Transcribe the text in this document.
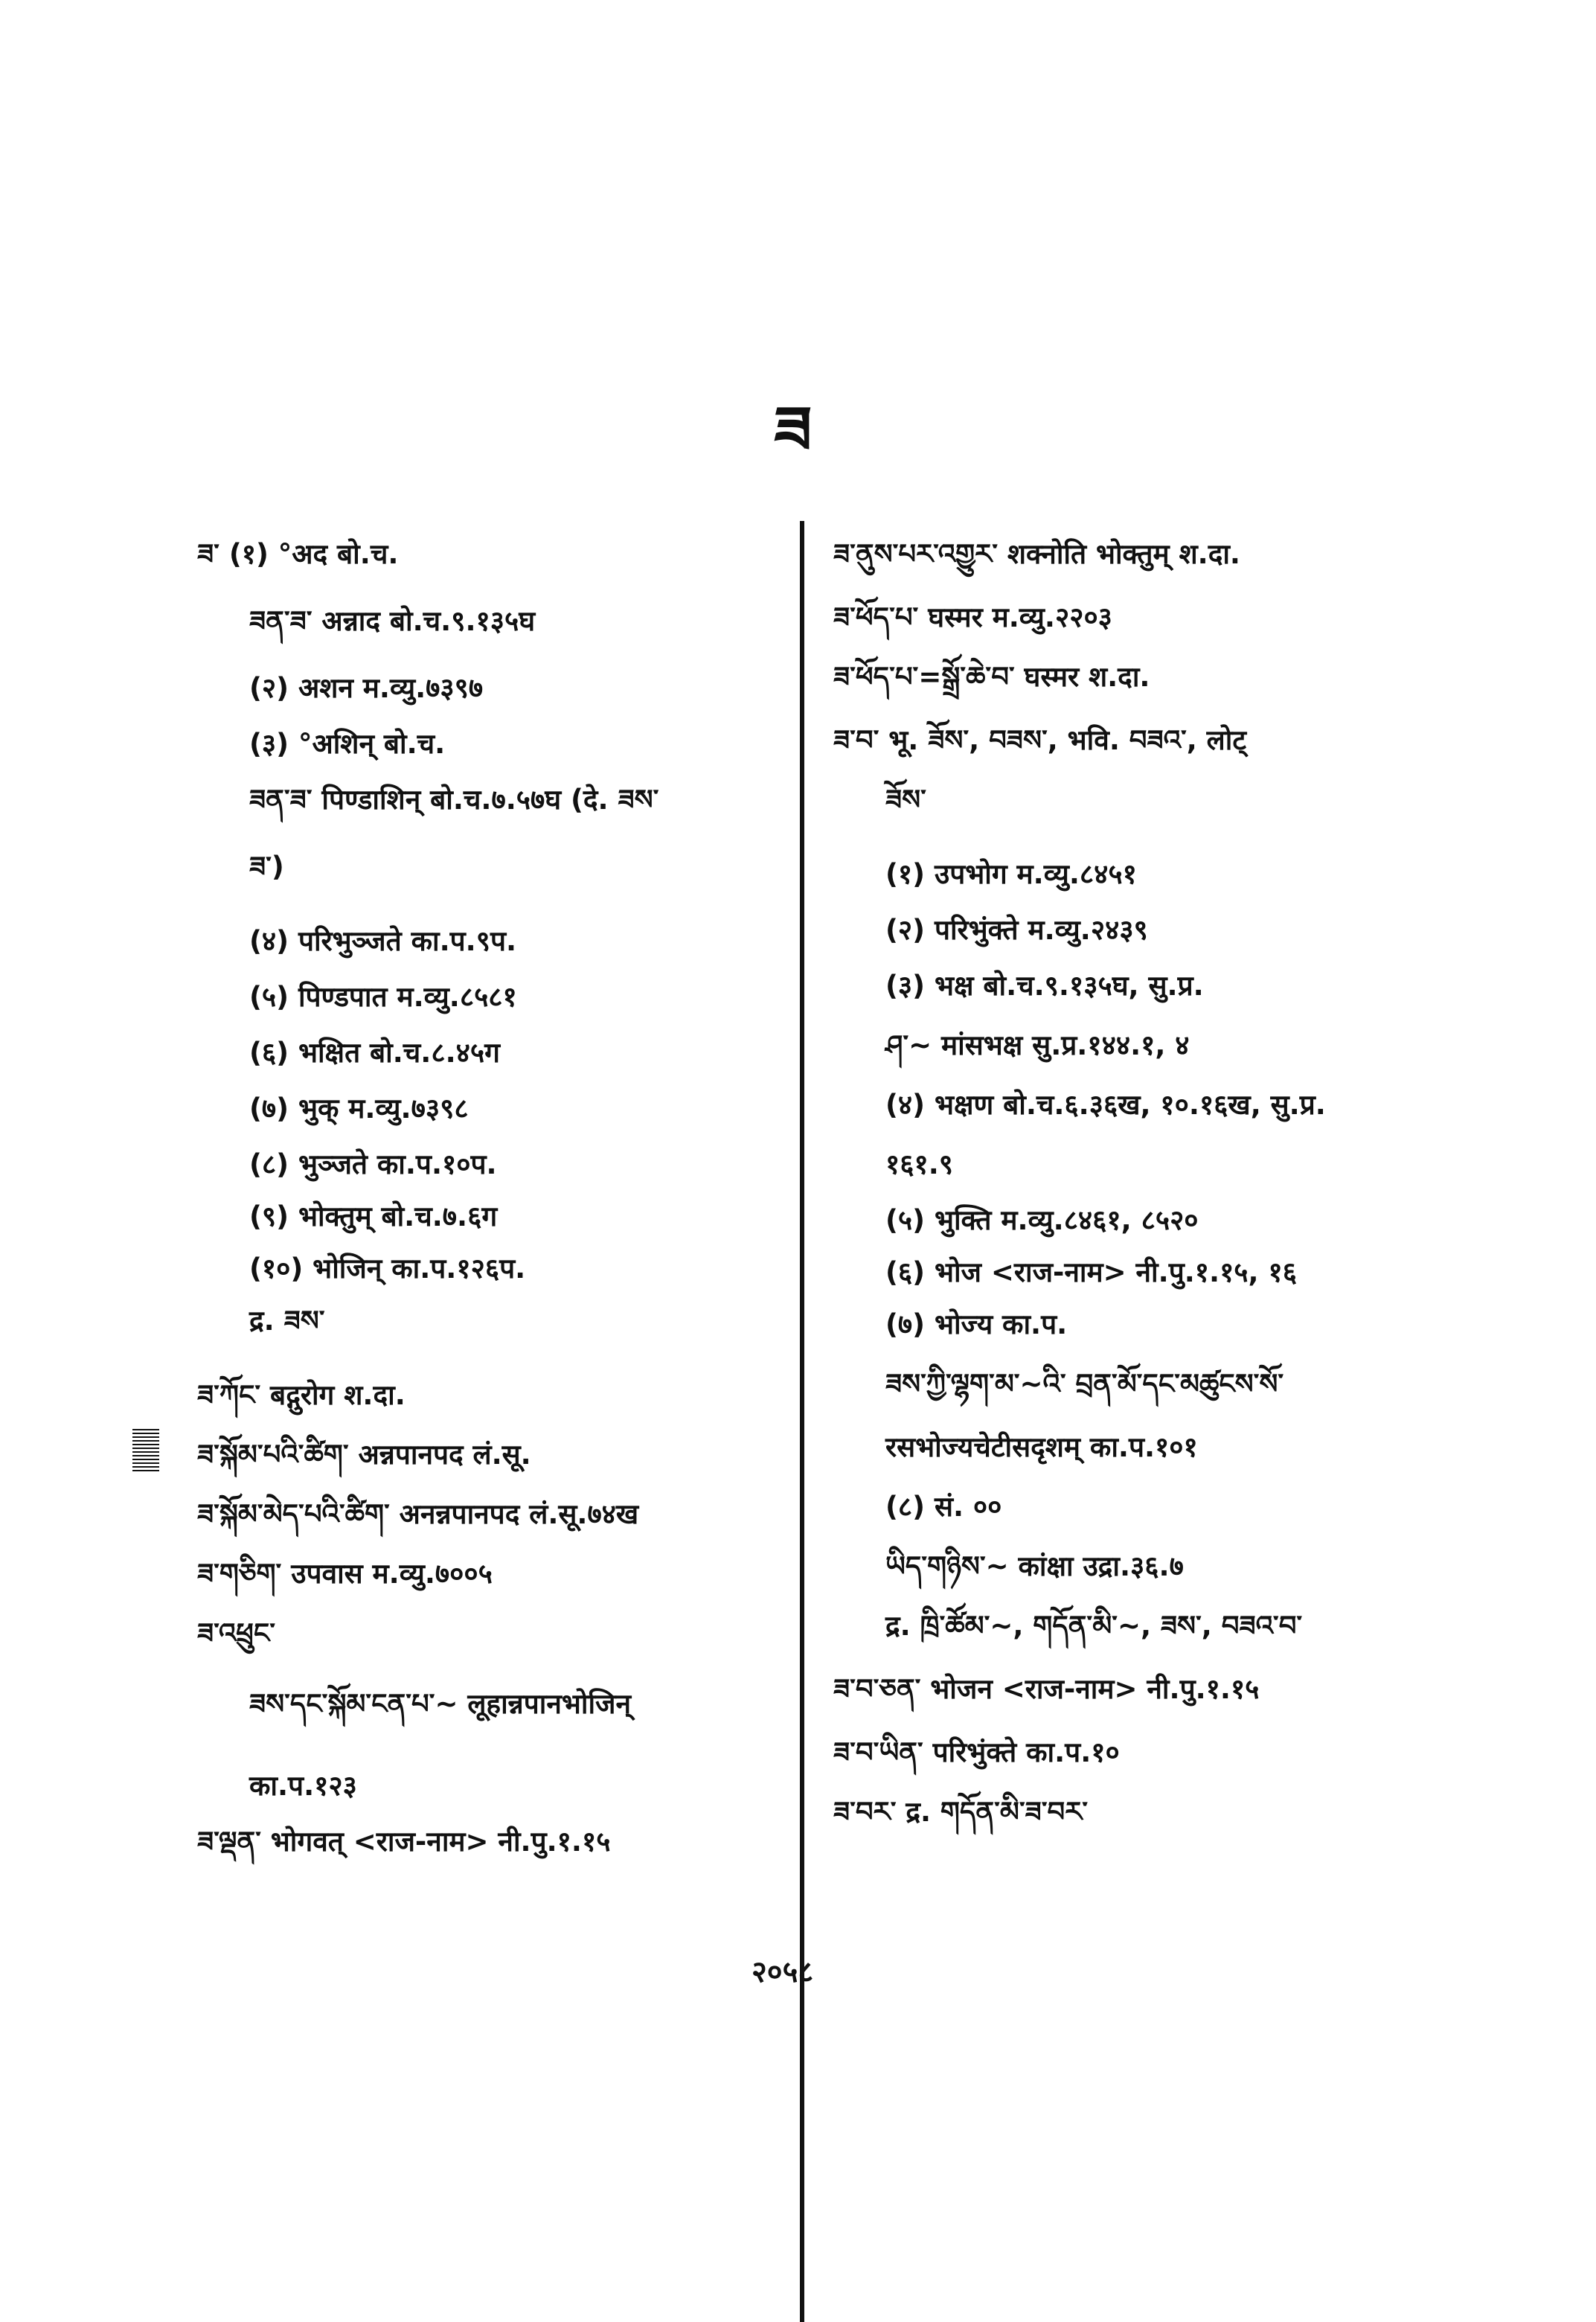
ཟ
ཟ་ (१) °अद बो.च.
ཟན་ཟ་ अन्नाद बो.च.९.१३५घ
(२) अशन म.व्यु.७३९७
(३) °अशिन् बो.च.
ཟན་ཟ་ पिण्डाशिन् बो.च.७.५७घ (दे. ཟས་
ཟ་)
(४) परिभुञ्जते का.प.९प.
(५) पिण्डपात म.व्यु.८५८१
(६) भक्षित बो.च.८.४५ग
(७) भुक् म.व्यु.७३९८
(८) भुञ्जते का.प.१०प.
(९) भोक्तुम् बो.च.७.६ग
(१०) भोजिन् का.प.१२६प.
द्र. ཟས་
ཟ་ཀོང་ बद्गुरोग श.दा.
ཟ་སྐོམ་པའི་ཚིག་ अन्नपानपद लं.सू.
ཟ་སྐོམ་མེད་པའི་ཚིག་ अनन्नपानपद लं.सू.७४ख
ཟ་གཅིག་ उपवास म.व्यु.७००५
ཟ་འཕྲུང་
ཟས་དང་སྐོམ་ངན་པ་~ लूहान्नपानभोजिन्
का.प.१२३
ཟ་ལྡན་ भोगवत् <राज-नाम> नी.पु.१.१५
ཟ་ནུས་པར་འགྱུར་ शक्नोति भोक्तुम् श.दा.
ཟ་ཕོད་པ་ घस्मर म.व्यु.२२०३
ཟ་ཕོད་པ་=སྒྲོ་ཆེ་བ་ घस्मर श.दा.
ཟ་བ་ भू. ཟོས་, བཟས་, भवि. བཟའ་, लोट्
ཟོས་
(१) उपभोग म.व्यु.८४५१
(२) परिभुंक्ते म.व्यु.२४३९
(३) भक्ष बो.च.९.१३५घ, सु.प्र.
ཤ་~ मांसभक्ष सु.प्र.१४४.१, ४
(४) भक्षण बो.च.६.३६ख, १०.१६ख, सु.प्र.
१६१.९
(५) भुक्ति म.व्यु.८४६१, ८५२०
(६) भोज <राज-नाम> नी.पु.१.१५, १६
(७) भोज्य का.प.
ཟས་ཀྱི་ལྷག་མ་~འི་ བྲན་མོ་དང་མཚུངས་སོ་
रसभोज्यचेटीसदृशम् का.प.१०१
(८) सं. ००
ཡིད་གཉིས་~ कांक्षा उद्रा.३६.७
द्र. ཁྲི་ཚོམ་~, གདོན་མི་~, ཟས་, བཟའ་བ་
ཟ་བ་ཅན་ भोजन <राज-नाम> नी.पु.१.१५
ཟ་བ་ཡིན་ परिभुंक्ते का.प.१०
ཟ་བར་ द्र. གདོན་མི་ཟ་བར་
२०५८
